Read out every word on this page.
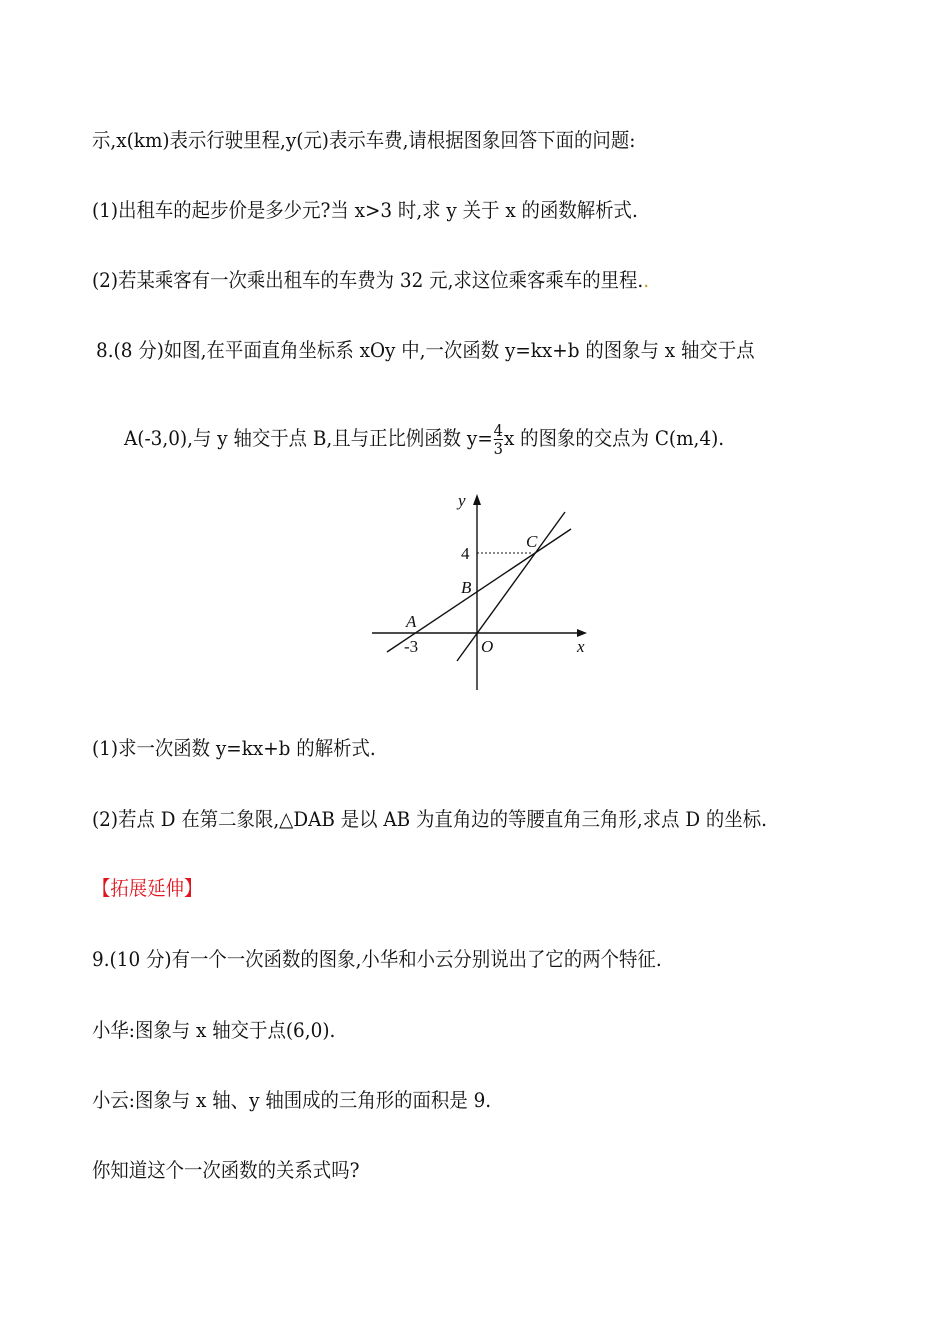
示,x(km)表示行驶里程,y(元)表示车费,请根据图象回答下面的问题:
(1)出租车的起步价是多少元?当 x>3 时,求 y 关于 x 的函数解析式.
(2)若某乘客有一次乘出租车的车费为 32 元,求这位乘客乘车的里程..
8.(8 分)如图,在平面直角坐标系 xOy 中,一次函数 y=kx+b 的图象与 x 轴交于点
A(-3,0),与 y 轴交于点 B,且与正比例函数 $y= \frac{4}{3}$ x 的图象的交点为 C(m,4).
y
x
O
4
-3
A
B
C
(1)求一次函数 y=kx+b 的解析式.
(2)若点 D 在第二象限,△DAB 是以 AB 为直角边的等腰直角三角形,求点 D 的坐标.
【拓展延伸】
9.(10 分)有一个一次函数的图象,小华和小云分别说出了它的两个特征.
小华:图象与 x 轴交于点(6,0).
小云:图象与 x 轴、y 轴围成的三角形的面积是 9.
你知道这个一次函数的关系式吗?
